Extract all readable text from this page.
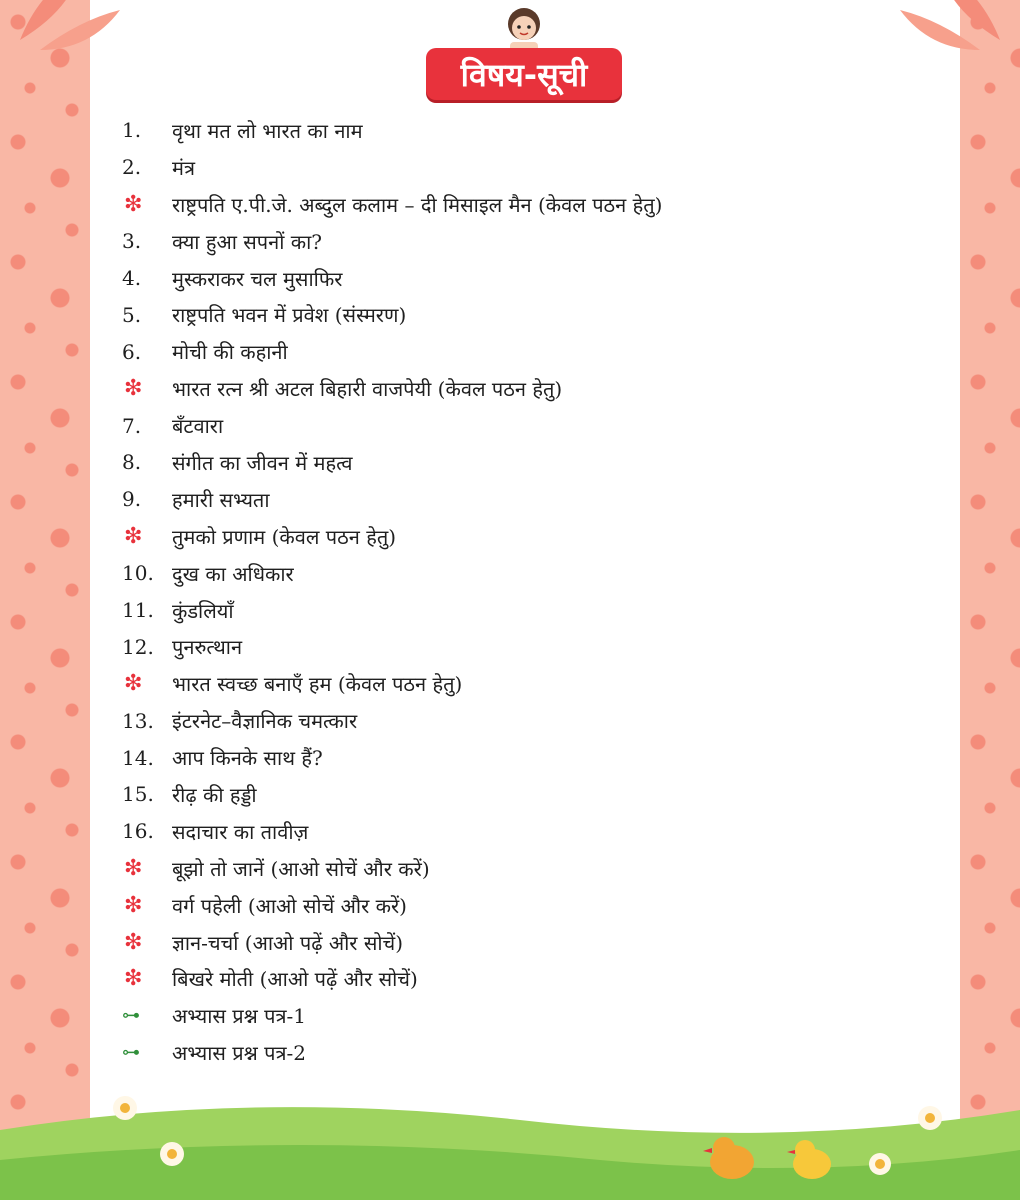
विषय-सूची
1.	वृथा मत लो भारत का नाम
2.	मंत्र
❇	राष्ट्रपति ए.पी.जे. अब्दुल कलाम – दी मिसाइल मैन (केवल पठन हेतु)
3.	क्या हुआ सपनों का?
4.	मुस्कराकर चल मुसाफिर
5.	राष्ट्रपति भवन में प्रवेश (संस्मरण)
6.	मोची की कहानी
❇	भारत रत्न श्री अटल बिहारी वाजपेयी (केवल पठन हेतु)
7.	बँटवारा
8.	संगीत का जीवन में महत्व
9.	हमारी सभ्यता
❇	तुमको प्रणाम (केवल पठन हेतु)
10. दुख का अधिकार
11. कुंडलियाँ
12. पुनरुत्थान
❇	भारत स्वच्छ बनाएँ हम (केवल पठन हेतु)
13. इंटरनेट–वैज्ञानिक चमत्कार
14. आप किनके साथ हैं?
15. रीढ़ की हड्डी
16. सदाचार का तावीज़
❇	बूझो तो जानें (आओ सोचें और करें)
❇	वर्ग पहेली (आओ सोचें और करें)
❇	ज्ञान-चर्चा (आओ पढ़ें और सोचें)
❇	बिखरे मोती (आओ पढ़ें और सोचें)
⊶	अभ्यास प्रश्न पत्र-1
⊶	अभ्यास प्रश्न पत्र-2
